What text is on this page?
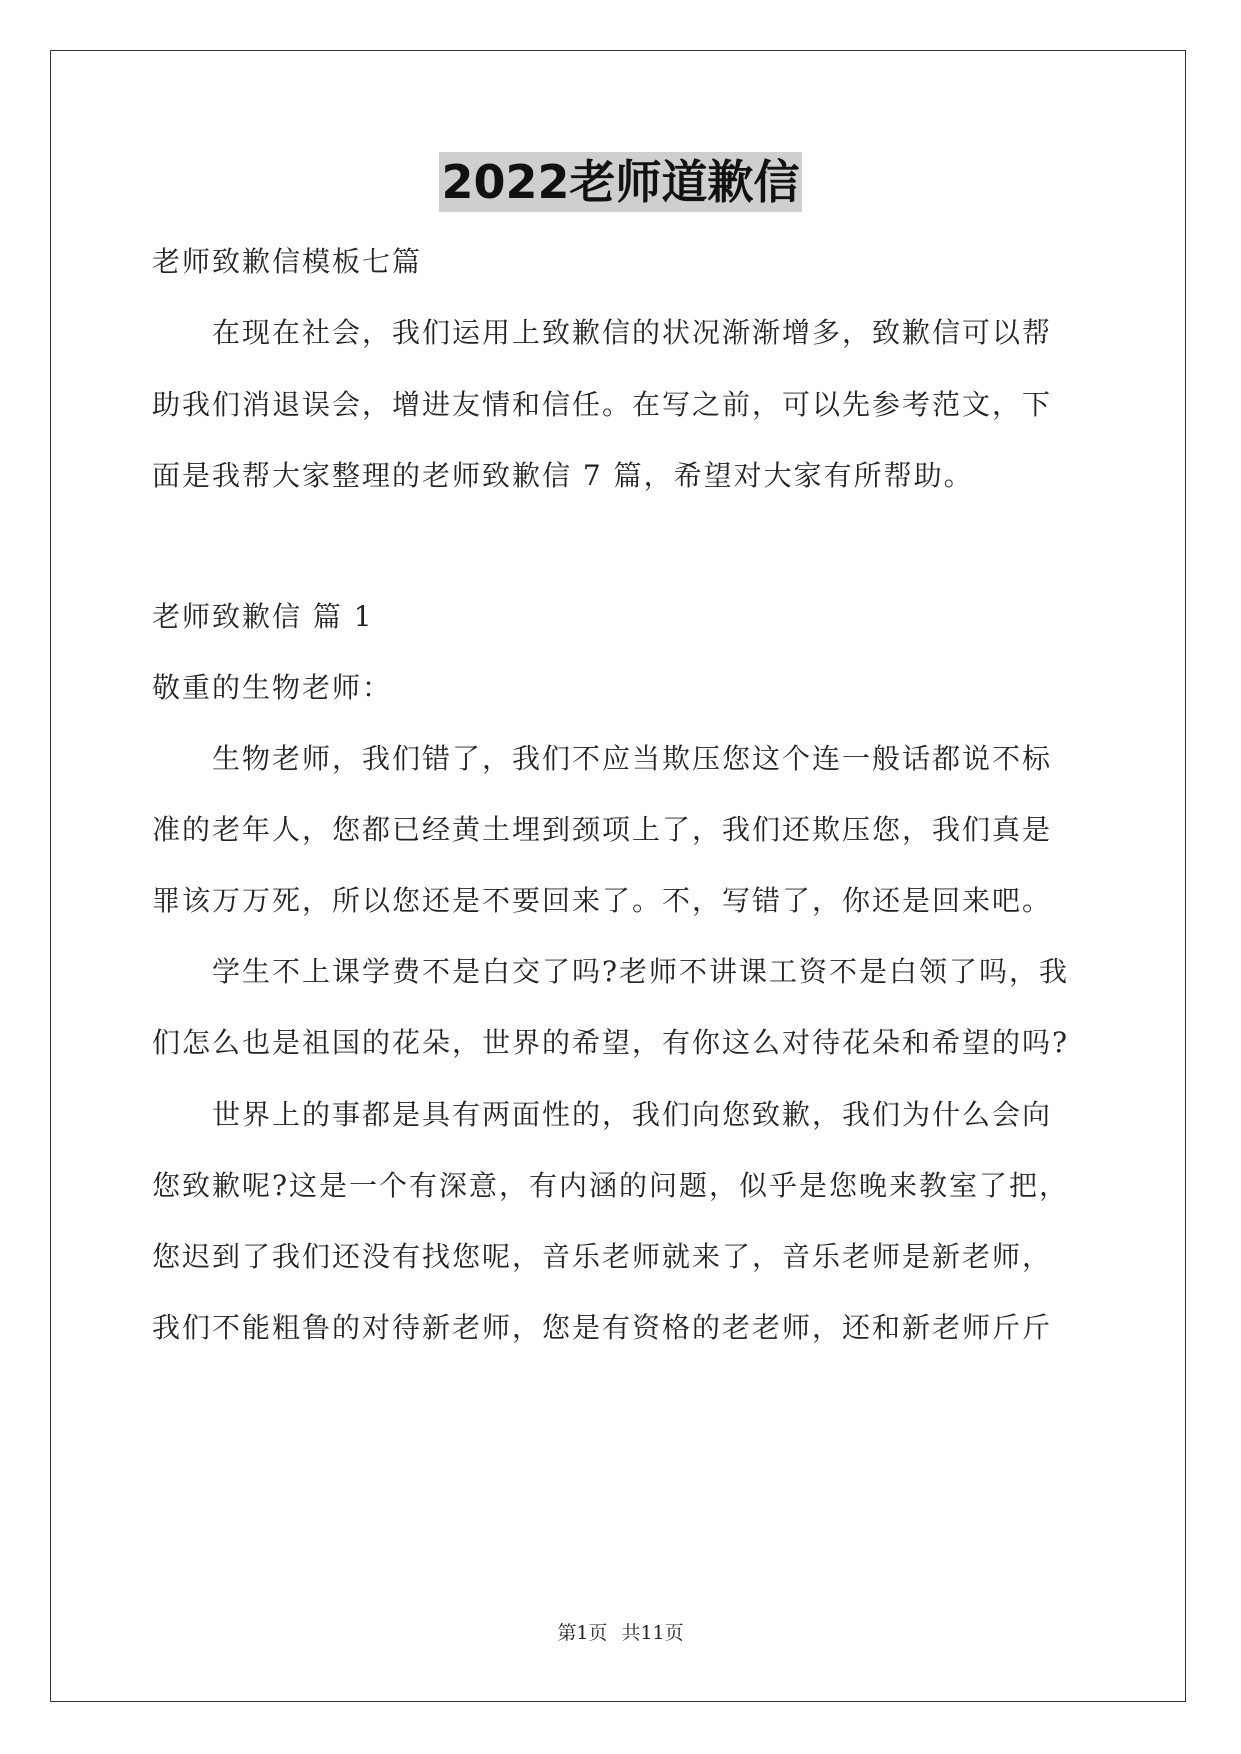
2022老师道歉信
老师致歉信模板七篇
　　在现在社会，我们运用上致歉信的状况渐渐增多，致歉信可以帮
助我们消退误会，增进友情和信任。在写之前，可以先参考范文，下
面是我帮大家整理的老师致歉信 7 篇，希望对大家有所帮助。
老师致歉信 篇 1
敬重的生物老师：
　　生物老师，我们错了，我们不应当欺压您这个连一般话都说不标
准的老年人，您都已经黄土埋到颈项上了，我们还欺压您，我们真是
罪该万万死，所以您还是不要回来了。不，写错了，你还是回来吧。
　　学生不上课学费不是白交了吗?老师不讲课工资不是白领了吗，我
们怎么也是祖国的花朵，世界的希望，有你这么对待花朵和希望的吗?
　　世界上的事都是具有两面性的，我们向您致歉，我们为什么会向
您致歉呢?这是一个有深意，有内涵的问题，似乎是您晚来教室了把，
您迟到了我们还没有找您呢，音乐老师就来了，音乐老师是新老师，
我们不能粗鲁的对待新老师，您是有资格的老老师，还和新老师斤斤
第1页 共11页
